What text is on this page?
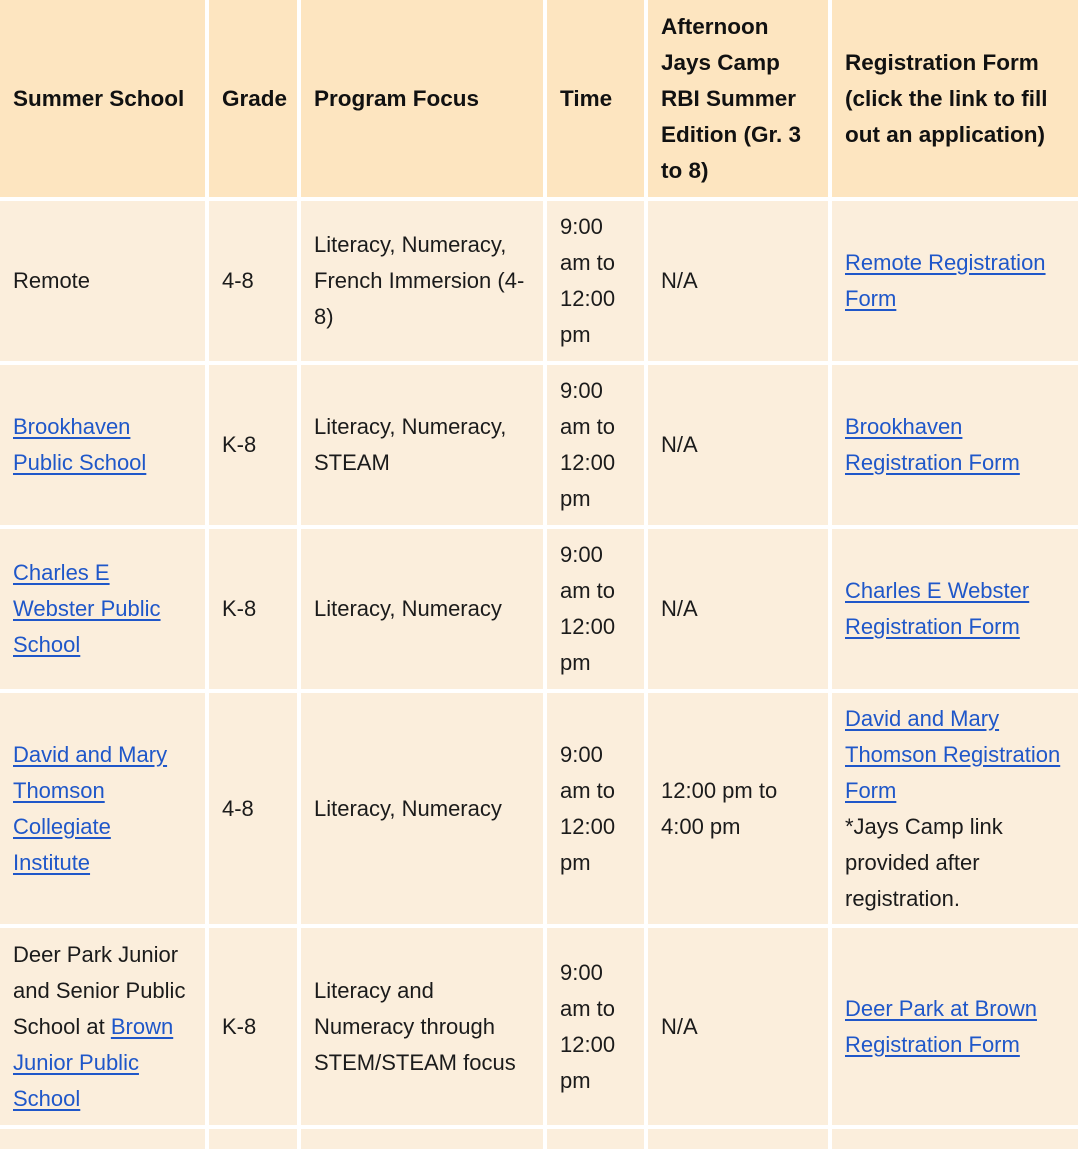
Summer School	Grade	Program Focus	Time	Afternoon Jays Camp RBI Summer Edition (Gr. 3 to 8)	Registration Form (click the link to fill out an application)
Remote	4-8	Literacy, Numeracy, French Immersion (4-8)	9:00 am to 12:00 pm	N/A	Remote Registration Form
Brookhaven Public School	K-8	Literacy, Numeracy, STEAM	9:00 am to 12:00 pm	N/A	Brookhaven Registration Form
Charles E Webster Public School	K-8	Literacy, Numeracy	9:00 am to 12:00 pm	N/A	Charles E Webster Registration Form
David and Mary Thomson Collegiate Institute	4-8	Literacy, Numeracy	9:00 am to 12:00 pm	12:00 pm to 4:00 pm	David and Mary Thomson Registration Form
*Jays Camp link provided after registration.
Deer Park Junior and Senior Public School at Brown Junior Public School	K-8	Literacy and Numeracy through STEM/STEAM focus	9:00 am to 12:00 pm	N/A	Deer Park at Brown Registration Form
